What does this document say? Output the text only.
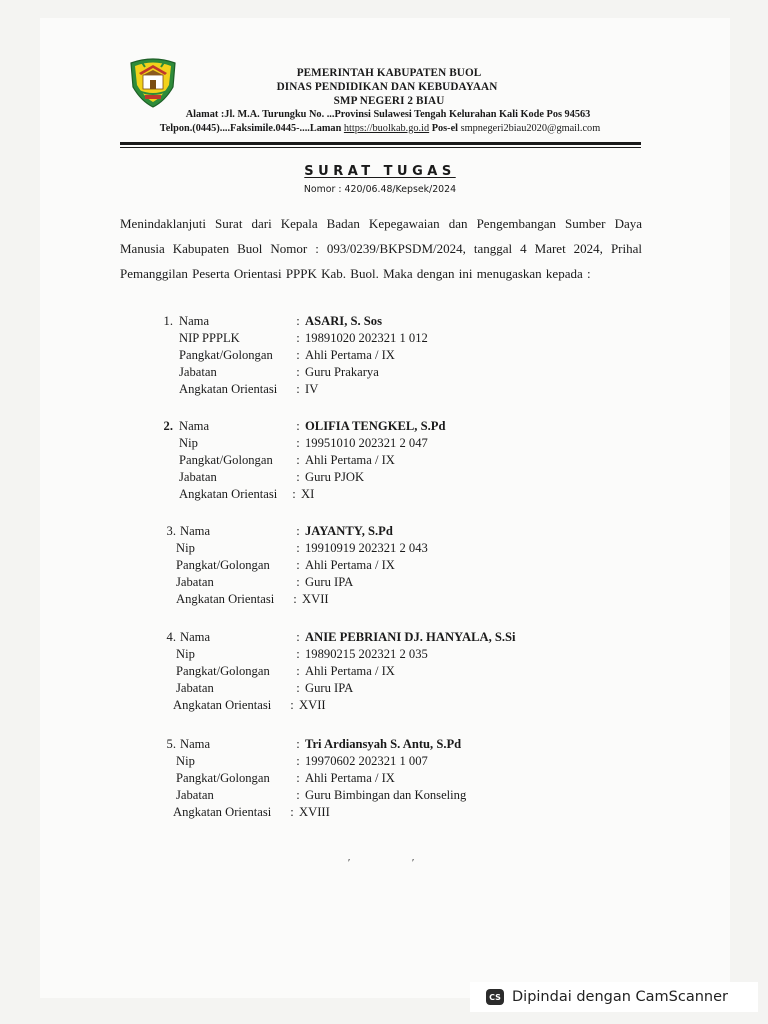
PEMERINTAH KABUPATEN BUOL
DINAS PENDIDIKAN DAN KEBUDAYAAN
SMP NEGERI 2 BIAU
Alamat :Jl. M.A. Turungku No. ...Provinsi Sulawesi Tengah Kelurahan Kali Kode Pos 94563
Telpon.(0445)....Faksimile.0445-....Laman https://buolkab.go.id Pos-el smpnegeri2biau2020@gmail.com
SURAT TUGAS
Nomor : 420/06.48/Kepsek/2024
Menindaklanjuti Surat dari Kepala Badan Kepegawaian dan Pengembangan Sumber Daya
Manusia Kabupaten Buol Nomor : 093/0239/BKPSDM/2024, tanggal 4 Maret 2024, Prihal
Pemanggilan Peserta Orientasi PPPK Kab. Buol. Maka dengan ini menugaskan kepada :
1. Nama	: ASARI, S. Sos
NIP PPPLK	: 19891020 202321 1 012
Pangkat/Golongan	: Ahli Pertama / IX
Jabatan	: Guru Prakarya
Angkatan Orientasi	: IV
2. Nama	: OLIFIA TENGKEL, S.Pd
Nip	: 19951010 202321 2 047
Pangkat/Golongan	: Ahli Pertama / IX
Jabatan	: Guru PJOK
Angkatan Orientasi	: XI
3. Nama	: JAYANTY, S.Pd
Nip	: 19910919 202321 2 043
Pangkat/Golongan	: Ahli Pertama / IX
Jabatan	: Guru IPA
Angkatan Orientasi	: XVII
4. Nama	: ANIE PEBRIANI DJ. HANYALA, S.Si
Nip	: 19890215 202321 2 035
Pangkat/Golongan	: Ahli Pertama / IX
Jabatan	: Guru IPA
Angkatan Orientasi	: XVII
5. Nama	: Tri Ardiansyah S. Antu, S.Pd
Nip	: 19970602 202321 1 007
Pangkat/Golongan	: Ahli Pertama / IX
Jabatan	: Guru Bimbingan dan Konseling
Angkatan Orientasi	: XVIII
′	′
CS Dipindai dengan CamScanner
